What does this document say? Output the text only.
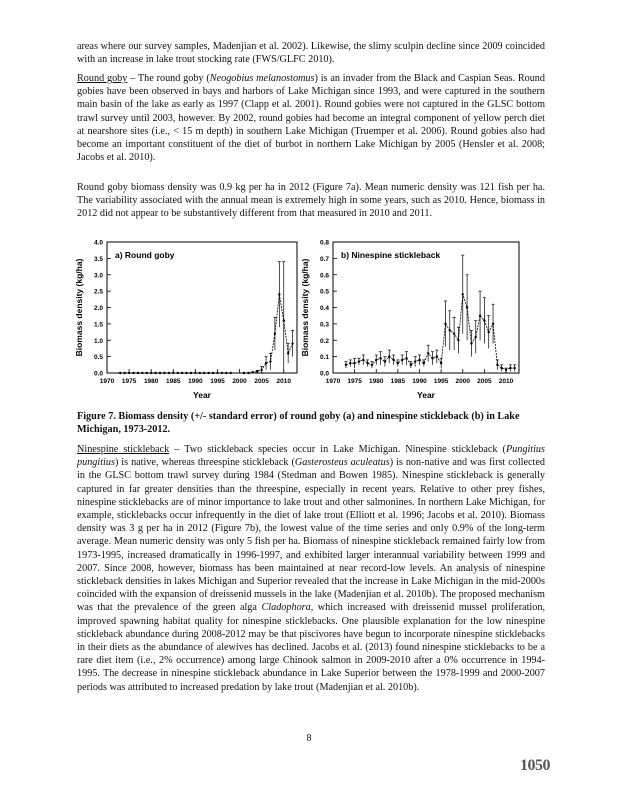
areas where our survey samples, Madenjian et al. 2002). Likewise, the slimy sculpin decline since 2009 coincided with an increase in lake trout stocking rate (FWS/GLFC 2010).
Round goby – The round goby (Neogobius melanostomus) is an invader from the Black and Caspian Seas. Round gobies have been observed in bays and harbors of Lake Michigan since 1993, and were captured in the southern main basin of the lake as early as 1997 (Clapp et al. 2001). Round gobies were not captured in the GLSC bottom trawl survey until 2003, however. By 2002, round gobies had become an integral component of yellow perch diet at nearshore sites (i.e., < 15 m depth) in southern Lake Michigan (Truemper et al. 2006). Round gobies also had become an important constituent of the diet of burbot in northern Lake Michigan by 2005 (Hensler et al. 2008; Jacobs et al. 2010).
Round goby biomass density was 0.9 kg per ha in 2012 (Figure 7a). Mean numeric density was 121 fish per ha. The variability associated with the annual mean is extremely high in some years, such as 2010. Hence, biomass in 2012 did not appear to be substantively different from that measured in 2010 and 2011.
0.0
0.5
1.0
1.5
2.0
2.5
3.0
3.5
4.0
1970 1975 1980 1985 1990 1995 2000 2005 2010
a) Round goby
Year
Biomass density (kg/ha)
0.0
0.1
0.2
0.3
0.4
0.5
0.6
0.7
0.8
1970 1975 1980 1985 1990 1995 2000 2005 2010
b) Ninespine stickleback
Year
Biomass density (kg/ha)
Figure 7. Biomass density (+/- standard error) of round goby (a) and ninespine stickleback (b) in Lake Michigan, 1973-2012.
Ninespine stickleback – Two stickleback species occur in Lake Michigan. Ninespine stickleback (Pungitius pungitius) is native, whereas threespine stickleback (Gasterosteus aculeatus) is non-native and was first collected in the GLSC bottom trawl survey during 1984 (Stedman and Bowen 1985). Ninespine stickleback is generally captured in far greater densities than the threespine, especially in recent years. Relative to other prey fishes, ninespine sticklebacks are of minor importance to lake trout and other salmonines. In northern Lake Michigan, for example, sticklebacks occur infrequently in the diet of lake trout (Elliott et al. 1996; Jacobs et al. 2010). Biomass density was 3 g per ha in 2012 (Figure 7b), the lowest value of the time series and only 0.9% of the long-term average. Mean numeric density was only 5 fish per ha. Biomass of ninespine stickleback remained fairly low from 1973-1995, increased dramatically in 1996-1997, and exhibited larger interannual variability between 1999 and 2007. Since 2008, however, biomass has been maintained at near record-low levels. An analysis of ninespine stickleback densities in lakes Michigan and Superior revealed that the increase in Lake Michigan in the mid-2000s coincided with the expansion of dreissenid mussels in the lake (Madenjian et al. 2010b). The proposed mechanism was that the prevalence of the green alga Cladophora, which increased with dreissenid mussel proliferation, improved spawning habitat quality for ninespine sticklebacks. One plausible explanation for the low ninespine stickleback abundance during 2008-2012 may be that piscivores have begun to incorporate ninespine sticklebacks in their diets as the abundance of alewives has declined. Jacobs et al. (2013) found ninespine sticklebacks to be a rare diet item (i.e., 2% occurrence) among large Chinook salmon in 2009-2010 after a 0% occurrence in 1994-1995. The decrease in ninespine stickleback abundance in Lake Superior between the 1978-1999 and 2000-2007 periods was attributed to increased predation by lake trout (Madenjian et al. 2010b).
8
1050
